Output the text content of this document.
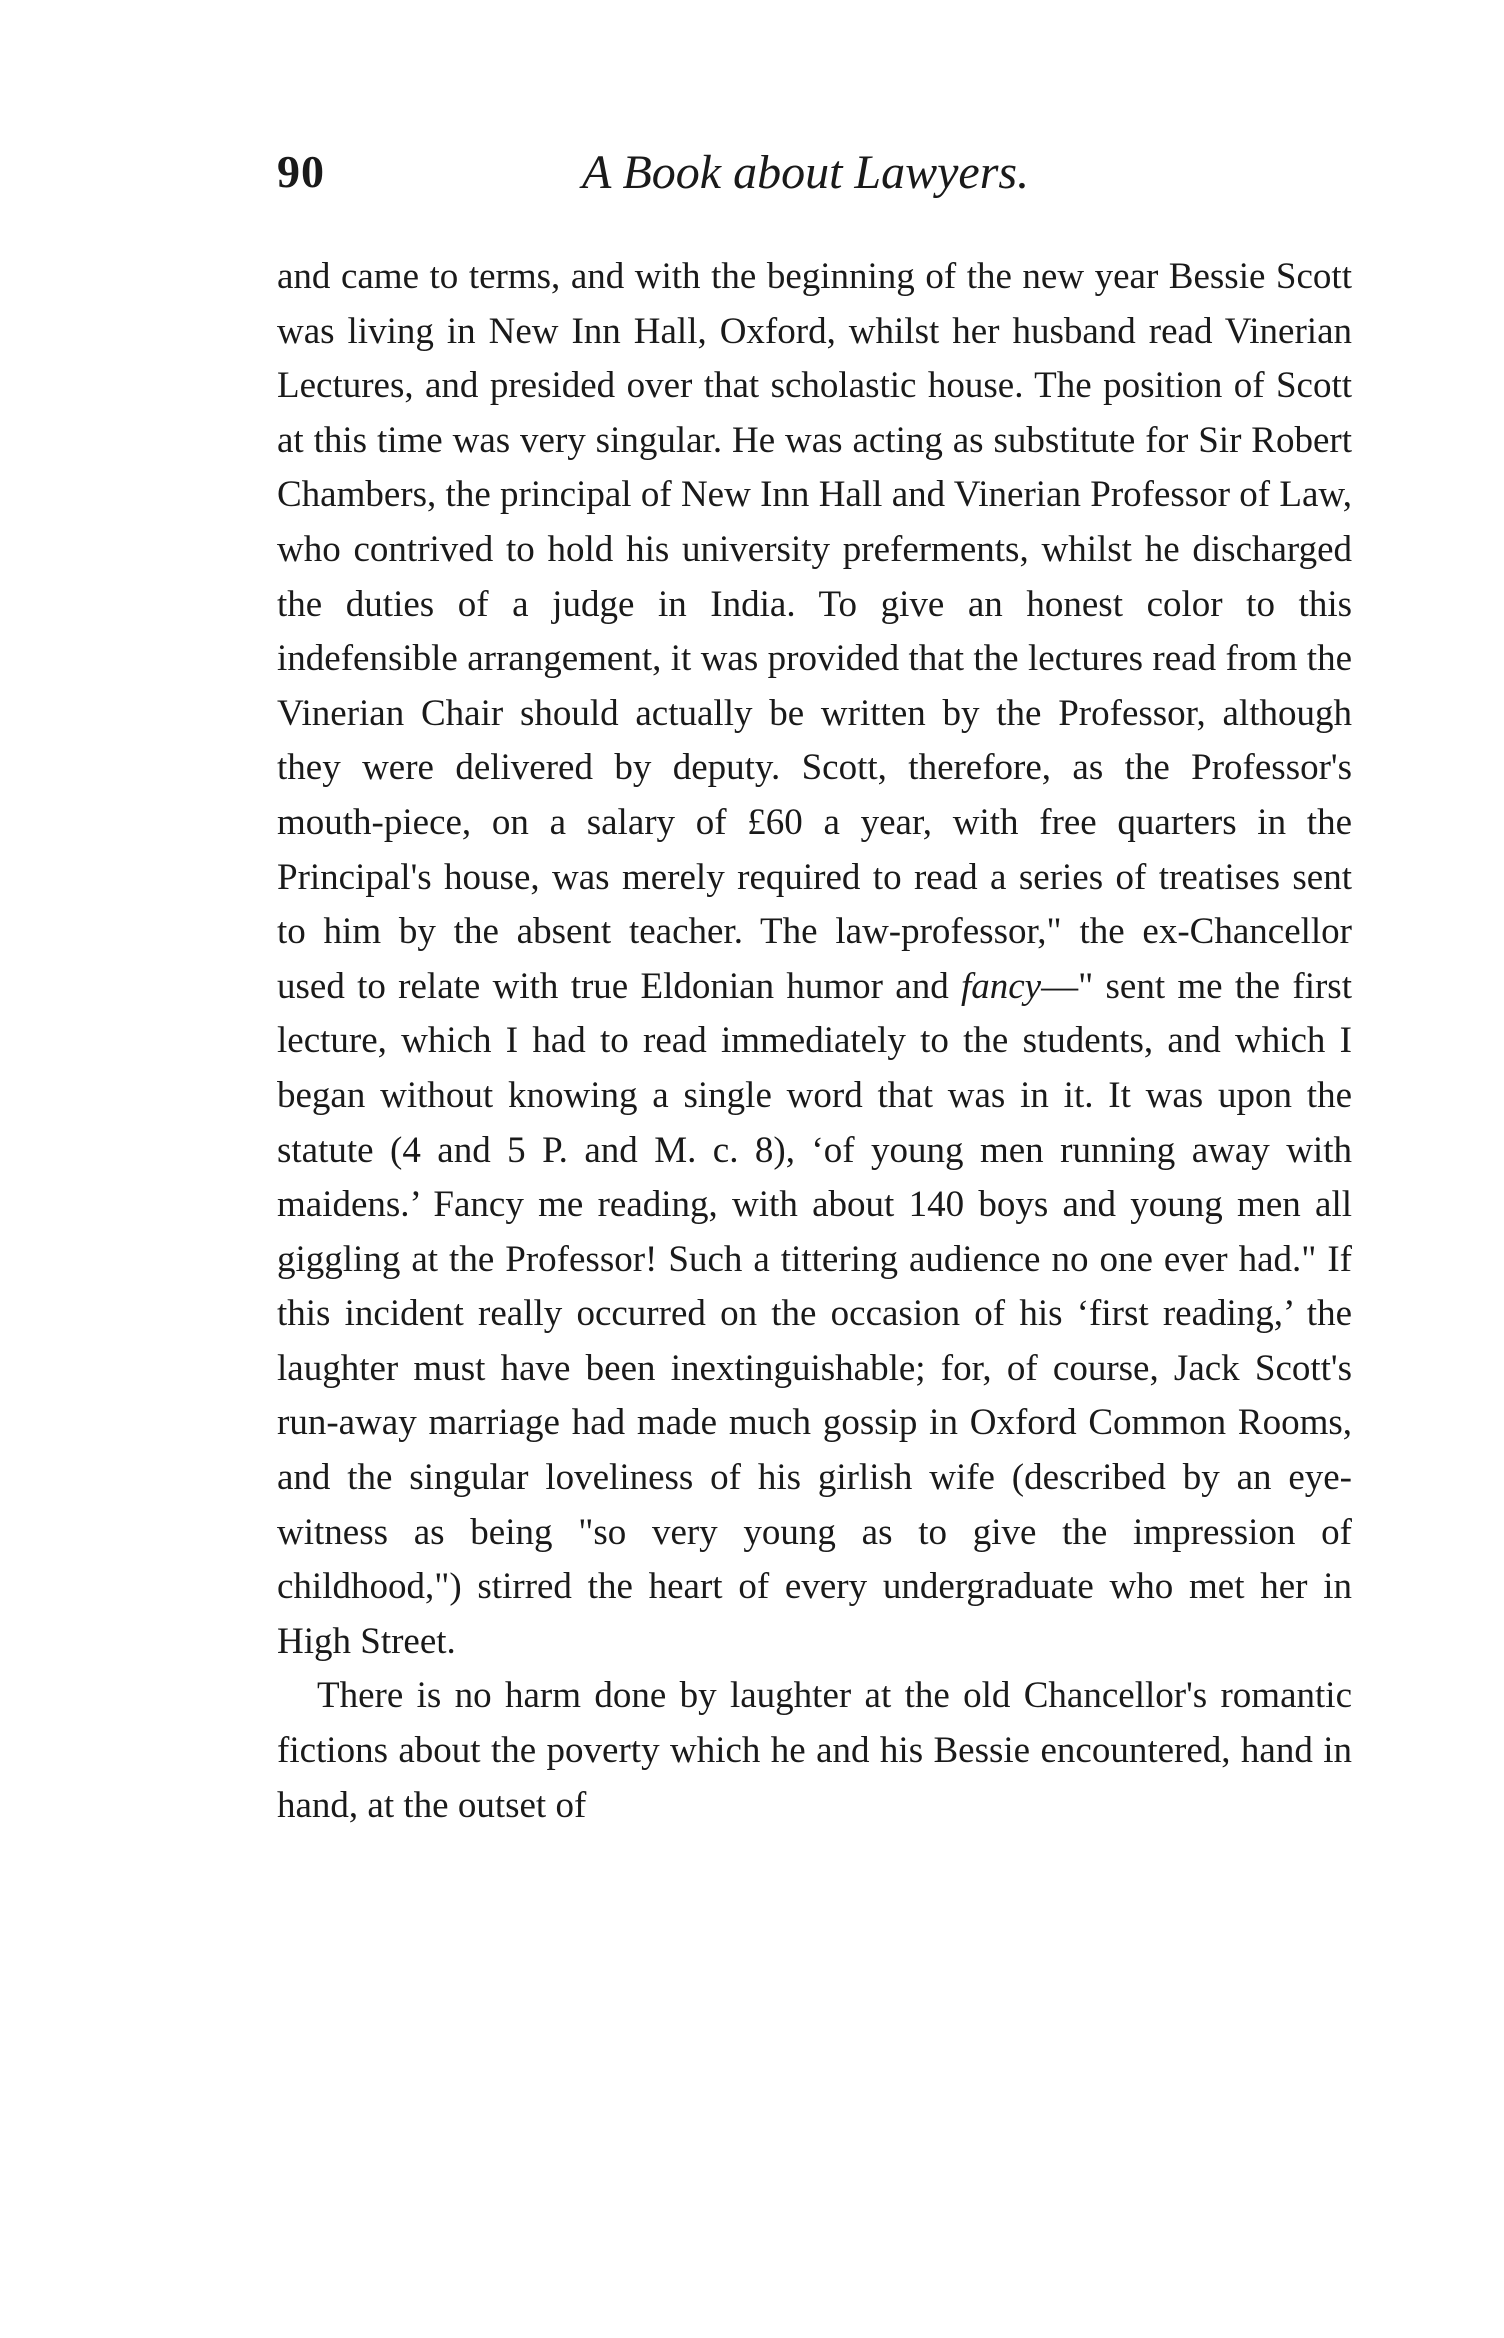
90	A Book about Lawyers.

and came to terms, and with the beginning of the new year Bessie Scott was living in New Inn Hall, Oxford, whilst her husband read Vinerian Lectures, and presided over that scholastic house. The position of Scott at this time was very singular. He was acting as substitute for Sir Robert Chambers, the principal of New Inn Hall and Vinerian Professor of Law, who contrived to hold his university preferments, whilst he discharged the duties of a judge in India. To give an honest color to this indefensible arrangement, it was provided that the lectures read from the Vinerian Chair should actually be written by the Professor, although they were delivered by deputy. Scott, therefore, as the Professor's mouth-piece, on a salary of £60 a year, with free quarters in the Principal's house, was merely required to read a series of treatises sent to him by the absent teacher. The law-professor," the ex-Chancellor used to relate with true Eldonian humor and fancy—" sent me the first lecture, which I had to read immediately to the students, and which I began without knowing a single word that was in it. It was upon the statute (4 and 5 P. and M. c. 8), ‘of young men running away with maidens.’ Fancy me reading, with about 140 boys and young men all giggling at the Professor! Such a tittering audience no one ever had." If this incident really occurred on the occasion of his ‘first reading,’ the laughter must have been inextinguishable; for, of course, Jack Scott's run-away marriage had made much gossip in Oxford Common Rooms, and the singular loveliness of his girlish wife (described by an eye-witness as being "so very young as to give the impression of childhood,") stirred the heart of every undergraduate who met her in High Street.

There is no harm done by laughter at the old Chancellor's romantic fictions about the poverty which he and his Bessie encountered, hand in hand, at the outset of
